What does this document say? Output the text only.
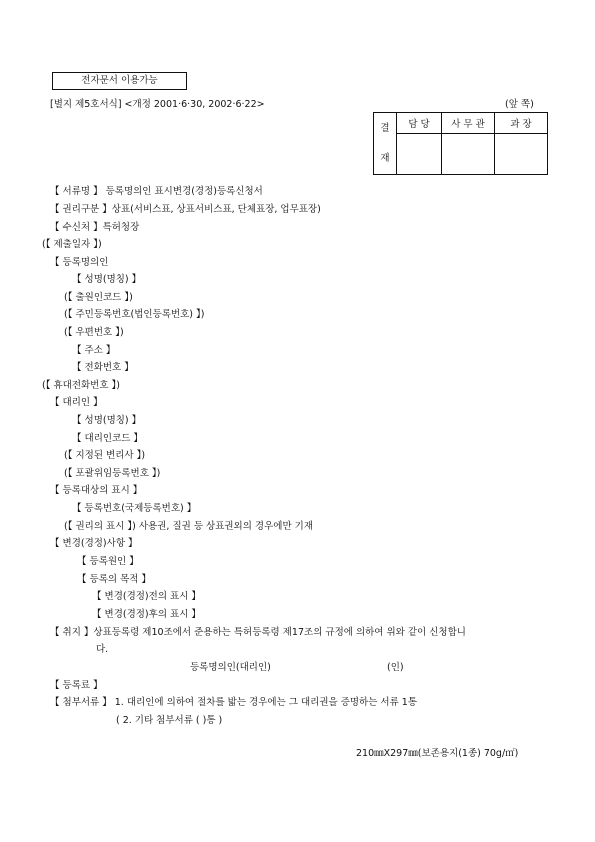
전자문서 이용가능
[별지 제5호서식] <개정 2001·6·30, 2002·6·22>	(앞 쪽)
결
재	담 당	사 무 관	과 장

【 서류명 】 등록명의인 표시변경(경정)등록신청서
【 권리구분 】상표(서비스표, 상표서비스표, 단체표장, 업무표장)
【 수신처 】특허청장
(【 제출일자 】)
【 등록명의인
【 성명(명칭) 】
(【 출원인코드 】)
(【 주민등록번호(법인등록번호) 】)
(【 우편번호 】)
【 주소 】
【 전화번호 】
(【 휴대전화번호 】)
【 대리인 】
【 성명(명칭) 】
【 대리인코드 】
(【 지정된 변리사 】)
(【 포괄위임등록번호 】)
【 등록대상의 표시 】
【 등록번호(국제등록번호) 】
(【 권리의 표시 】) 사용권, 질권 등 상표권외의 경우에만 기재
【 변경(경정)사항 】
【 등록원인 】
【 등록의 목적 】
【 변경(경정)전의 표시 】
【 변경(경정)후의 표시 】
【 취지 】상표등록령 제10조에서 준용하는 특허등록령 제17조의 규정에 의하여 위와 같이 신청합니
다.
등록명의인(대리인)	(인)
【 등록료 】
【 첨부서류 】 1. 대리인에 의하여 절차를 밟는 경우에는 그 대리권을 증명하는 서류 1통
( 2. 기타 첨부서류 ( )통 )
210㎜X297㎜(보존용지(1종) 70g/㎡)
